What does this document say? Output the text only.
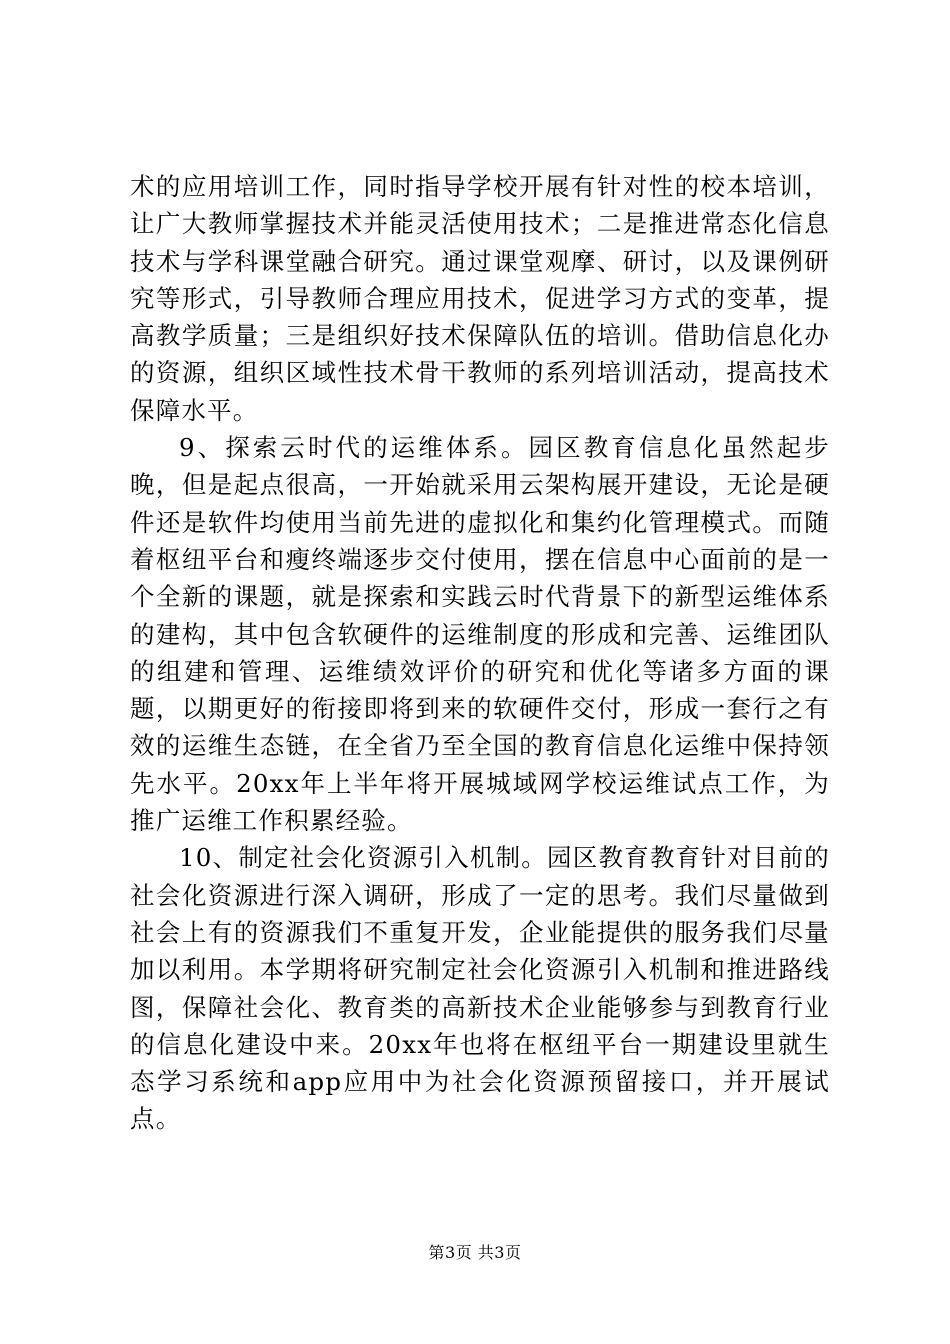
术的应用培训工作，同时指导学校开展有针对性的校本培训，让广大教师掌握技术并能灵活使用技术；二是推进常态化信息技术与学科课堂融合研究。通过课堂观摩、研讨，以及课例研究等形式，引导教师合理应用技术，促进学习方式的变革，提高教学质量；三是组织好技术保障队伍的培训。借助信息化办的资源，组织区域性技术骨干教师的系列培训活动，提高技术保障水平。

9、探索云时代的运维体系。园区教育信息化虽然起步晚，但是起点很高，一开始就采用云架构展开建设，无论是硬件还是软件均使用当前先进的虚拟化和集约化管理模式。而随着枢纽平台和瘦终端逐步交付使用，摆在信息中心面前的是一个全新的课题，就是探索和实践云时代背景下的新型运维体系的建构，其中包含软硬件的运维制度的形成和完善、运维团队的组建和管理、运维绩效评价的研究和优化等诸多方面的课题，以期更好的衔接即将到来的软硬件交付，形成一套行之有效的运维生态链，在全省乃至全国的教育信息化运维中保持领先水平。20xx年上半年将开展城域网学校运维试点工作，为推广运维工作积累经验。

10、制定社会化资源引入机制。园区教育教育针对目前的社会化资源进行深入调研，形成了一定的思考。我们尽量做到社会上有的资源我们不重复开发，企业能提供的服务我们尽量加以利用。本学期将研究制定社会化资源引入机制和推进路线图，保障社会化、教育类的高新技术企业能够参与到教育行业的信息化建设中来。20xx年也将在枢纽平台一期建设里就生态学习系统和app应用中为社会化资源预留接口，并开展试点。

第3页 共3页
